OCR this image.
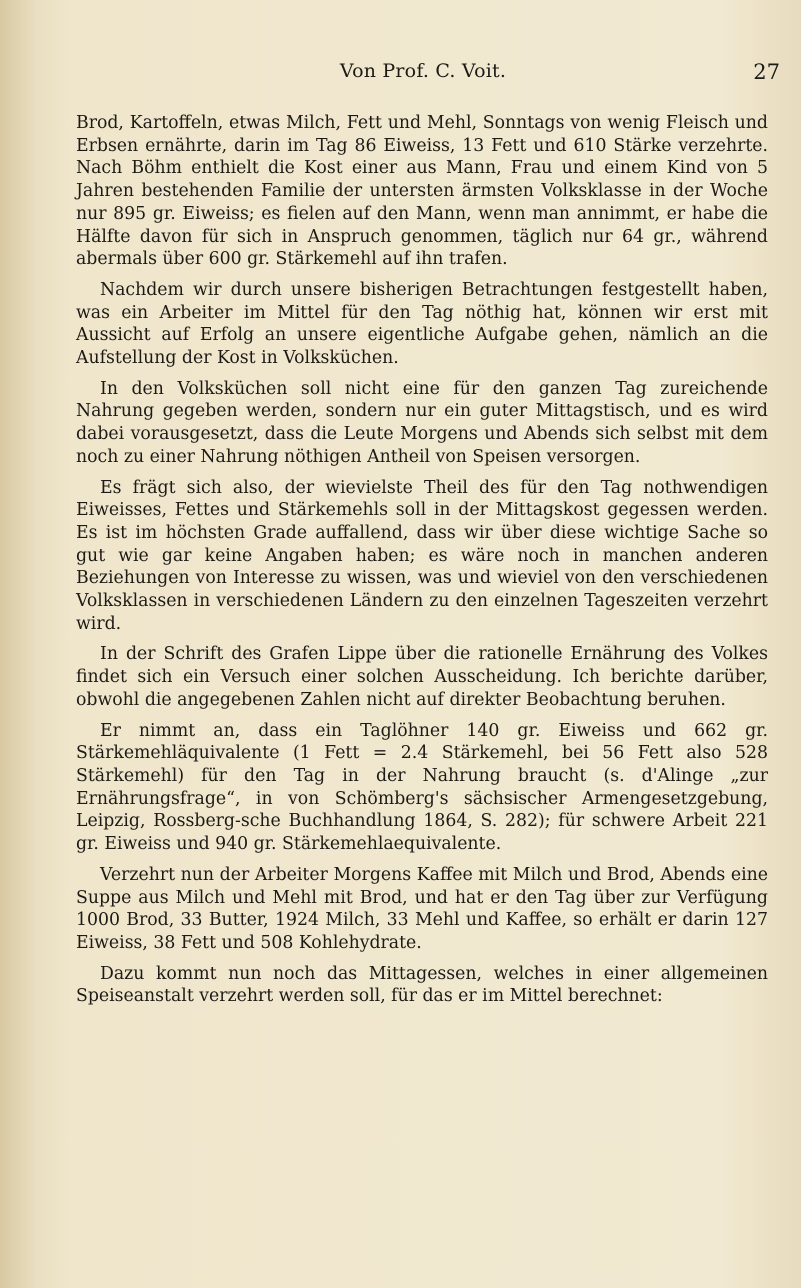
Von Prof. C. Voit.	27

Brod, Kartoffeln, etwas Milch, Fett und Mehl, Sonntags von wenig Fleisch und Erbsen ernährte, darin im Tag 86 Eiweiss, 13 Fett und 610 Stärke verzehrte. Nach Böhm enthielt die Kost einer aus Mann, Frau und einem Kind von 5 Jahren bestehenden Familie der untersten ärmsten Volksklasse in der Woche nur 895 gr. Eiweiss; es fielen auf den Mann, wenn man annimmt, er habe die Hälfte davon für sich in Anspruch genommen, täglich nur 64 gr., während abermals über 600 gr. Stärkemehl auf ihn trafen.

Nachdem wir durch unsere bisherigen Betrachtungen festgestellt haben, was ein Arbeiter im Mittel für den Tag nöthig hat, können wir erst mit Aussicht auf Erfolg an unsere eigentliche Aufgabe gehen, nämlich an die Aufstellung der Kost in Volksküchen.

In den Volksküchen soll nicht eine für den ganzen Tag zureichende Nahrung gegeben werden, sondern nur ein guter Mittagstisch, und es wird dabei vorausgesetzt, dass die Leute Morgens und Abends sich selbst mit dem noch zu einer Nahrung nöthigen Antheil von Speisen versorgen.

Es frägt sich also, der wievielste Theil des für den Tag nothwendigen Eiweisses, Fettes und Stärkemehls soll in der Mittagskost gegessen werden. Es ist im höchsten Grade auffallend, dass wir über diese wichtige Sache so gut wie gar keine Angaben haben; es wäre noch in manchen anderen Beziehungen von Interesse zu wissen, was und wieviel von den verschiedenen Volksklassen in verschiedenen Ländern zu den einzelnen Tageszeiten verzehrt wird.

In der Schrift des Grafen Lippe über die rationelle Ernährung des Volkes findet sich ein Versuch einer solchen Ausscheidung. Ich berichte darüber, obwohl die angegebenen Zahlen nicht auf direkter Beobachtung beruhen.

Er nimmt an, dass ein Taglöhner 140 gr. Eiweiss und 662 gr. Stärkemehläquivalente (1 Fett = 2.4 Stärkemehl, bei 56 Fett also 528 Stärkemehl) für den Tag in der Nahrung braucht (s. d'Alinge „zur Ernährungsfrage“, in von Schömberg's sächsischer Armengesetzgebung, Leipzig, Rossberg-sche Buchhandlung 1864, S. 282); für schwere Arbeit 221 gr. Eiweiss und 940 gr. Stärkemehlaequivalente.

Verzehrt nun der Arbeiter Morgens Kaffee mit Milch und Brod, Abends eine Suppe aus Milch und Mehl mit Brod, und hat er den Tag über zur Verfügung 1000 Brod, 33 Butter, 1924 Milch, 33 Mehl und Kaffee, so erhält er darin 127 Eiweiss, 38 Fett und 508 Kohlehydrate.

Dazu kommt nun noch das Mittagessen, welches in einer allgemeinen Speiseanstalt verzehrt werden soll, für das er im Mittel berechnet:
